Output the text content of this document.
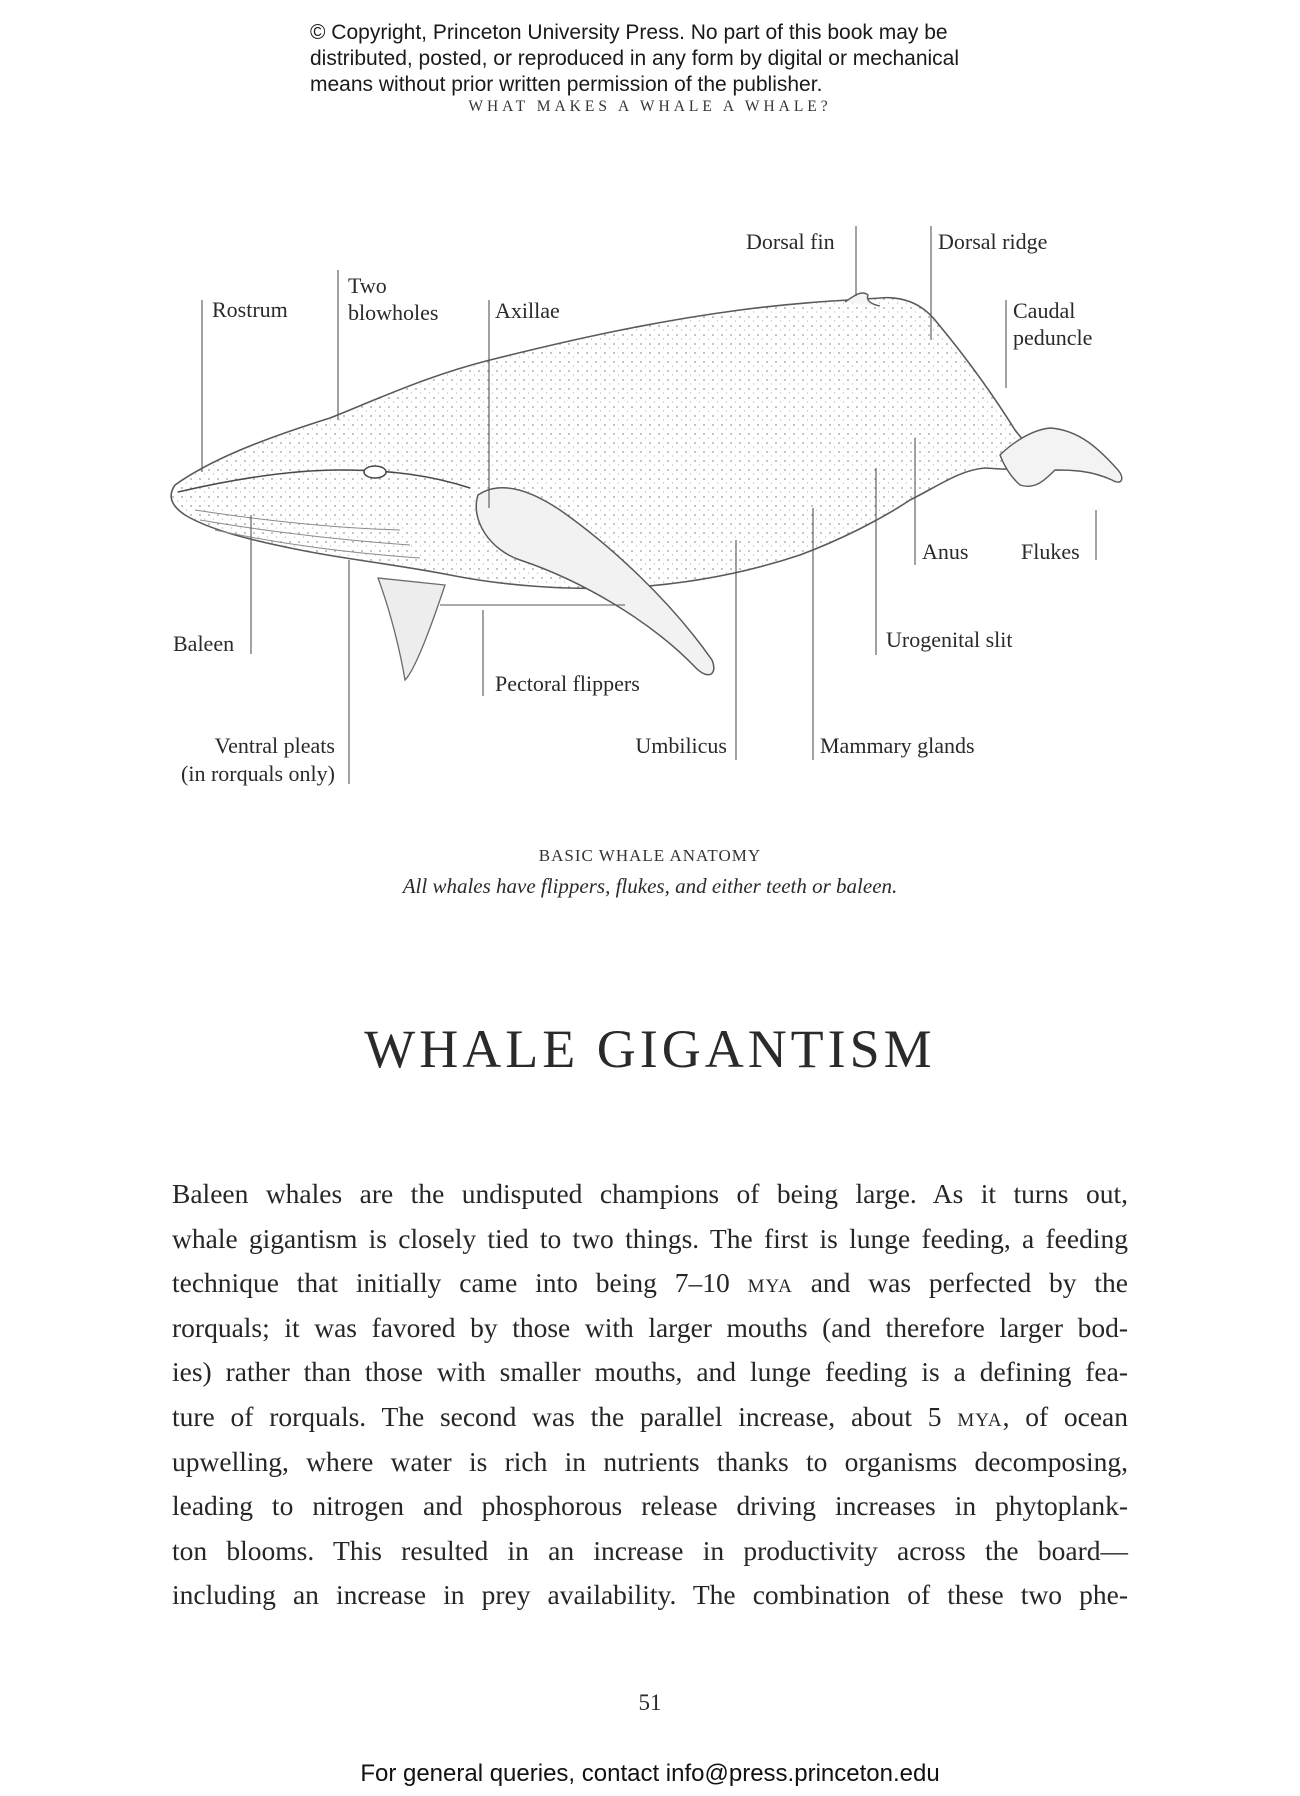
© Copyright, Princeton University Press. No part of this book may be
distributed, posted, or reproduced in any form by digital or mechanical
means without prior written permission of the publisher.
WHAT MAKES A WHALE A WHALE?
Rostrum
Two
blowholes	Axillae
Dorsal fin	Dorsal ridge
Caudal
peduncle
Anus Flukes
Baleen	Urogenital slit
Pectoral flippers
Ventral pleats
(in rorquals only)
Umbilicus	Mammary glands
BASIC WHALE ANATOMY
All whales have flippers, flukes, and either teeth or baleen.
WHALE GIGANTISM
Baleen whales are the undisputed champions of being large. As it turns out,
whale gigantism is closely tied to two things. The first is lunge feeding, a feeding
technique that initially came into being 7–10 MYA and was perfected by the
rorquals; it was favored by those with larger mouths (and therefore larger bod-
ies) rather than those with smaller mouths, and lunge feeding is a defining fea-
ture of rorquals. The second was the parallel increase, about 5 MYA, of ocean
upwelling, where water is rich in nutrients thanks to organisms decomposing,
leading to nitrogen and phosphorous release driving increases in phytoplank-
ton blooms. This resulted in an increase in productivity across the board—
including an increase in prey availability. The combination of these two phe-
51
For general queries, contact info@press.princeton.edu
